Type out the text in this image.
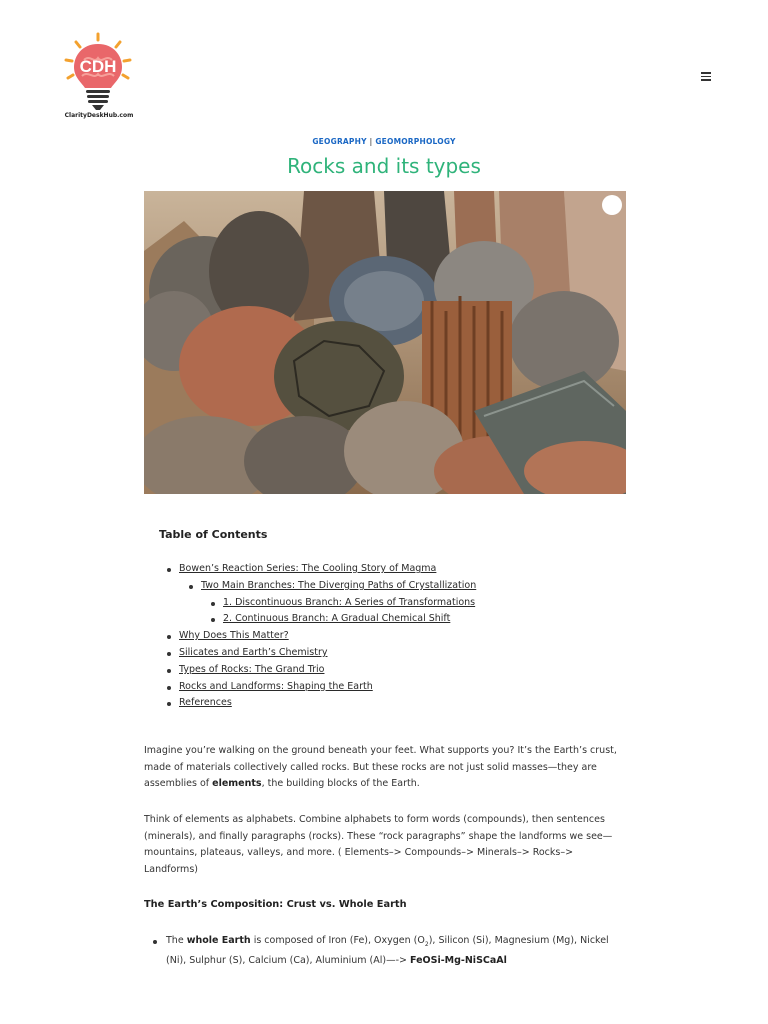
CDH
ClarityDeskHub.com
GEOGRAPHY | GEOMORPHOLOGY
Rocks and its types
Table of Contents
Bowen’s Reaction Series: The Cooling Story of Magma
Two Main Branches: The Diverging Paths of Crystallization
1. Discontinuous Branch: A Series of Transformations
2. Continuous Branch: A Gradual Chemical Shift
Why Does This Matter?
Silicates and Earth’s Chemistry
Types of Rocks: The Grand Trio
Rocks and Landforms: Shaping the Earth
References

Imagine you’re walking on the ground beneath your feet. What supports you? It’s the Earth’s crust, made of materials collectively called rocks. But these rocks are not just solid masses—they are assemblies of elements, the building blocks of the Earth.

Think of elements as alphabets. Combine alphabets to form words (compounds), then sentences (minerals), and finally paragraphs (rocks). These “rock paragraphs” shape the landforms we see—mountains, plateaus, valleys, and more. ( Elements–> Compounds–> Minerals–> Rocks–> Landforms)

The Earth’s Composition: Crust vs. Whole Earth

The whole Earth is composed of Iron (Fe), Oxygen $(O_2)$, Silicon (Si), Magnesium (Mg), Nickel (Ni), Sulphur (S), Calcium (Ca), Aluminium (Al)—-> FeOSi-Mg-NiSCaAl
